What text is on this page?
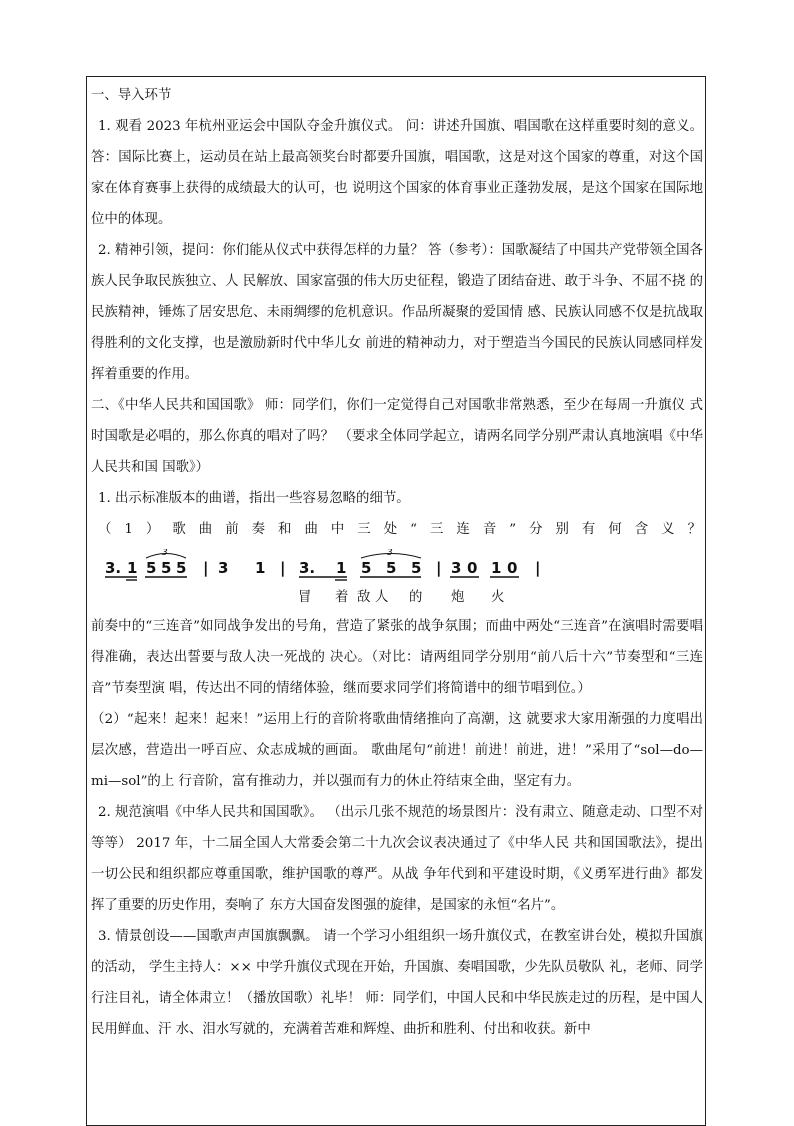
一、导入环节

1. 观看 2023 年杭州亚运会中国队夺金升旗仪式。 问：讲述升国旗、唱国歌在这样重要时刻的意义。 答：国际比赛上，运动员在站上最高领奖台时都要升国旗，唱国歌，这是对这个国家的尊重，对这个国家在体育赛事上获得的成绩最大的认可，也 说明这个国家的体育事业正蓬勃发展，是这个国家在国际地位中的体现。

2. 精神引领，提问：你们能从仪式中获得怎样的力量？ 答（参考）：国歌凝结了中国共产党带领全国各族人民争取民族独立、人 民解放、国家富强的伟大历史征程，锻造了团结奋进、敢于斗争、不屈不挠 的民族精神，锤炼了居安思危、未雨绸缪的危机意识。作品所凝聚的爱国情 感、民族认同感不仅是抗战取得胜利的文化支撑，也是激励新时代中华儿女 前进的精神动力，对于塑造当今国民的民族认同感同样发挥着重要的作用。

二、《中华人民共和国国歌》 师：同学们，你们一定觉得自己对国歌非常熟悉，至少在每周一升旗仪 式时国歌是必唱的，那么你真的唱对了吗？ （要求全体同学起立，请两名同学分别严肃认真地演唱《中华人民共和国 国歌》）

1. 出示标准版本的曲谱，指出一些容易忽略的细节。

（1）歌曲前奏和曲中三处“三连音”分别有何含义？

3. 1 5 5 5 | 3 1 | 3. 1 5 5 5 | 3 0 1 0 |
3	3
冒 着 敌 人 的 炮 火

前奏中的“三连音”如同战争发出的号角，营造了紧张的战争氛围；而曲中两处“三连音”在演唱时需要唱得准确，表达出誓要与敌人决一死战的 决心。（对比：请两组同学分别用“前八后十六”节奏型和“三连音”节奏型演 唱，传达出不同的情绪体验，继而要求同学们将简谱中的细节唱到位。）

（2）“起来！起来！起来！”运用上行的音阶将歌曲情绪推向了高潮，这 就要求大家用渐强的力度唱出层次感，营造出一呼百应、众志成城的画面。 歌曲尾句“前进！前进！前进，进！”采用了“sol—do—mi—sol”的上 行音阶，富有推动力，并以强而有力的休止符结束全曲，坚定有力。

2. 规范演唱《中华人民共和国国歌》。 （出示几张不规范的场景图片：没有肃立、随意走动、口型不对等等） 2017 年，十二届全国人大常委会第二十九次会议表决通过了《中华人民 共和国国歌法》，提出一切公民和组织都应尊重国歌，维护国歌的尊严。从战 争年代到和平建设时期，《义勇军进行曲》都发挥了重要的历史作用，奏响了 东方大国奋发图强的旋律，是国家的永恒“名片”。

3. 情景创设——国歌声声国旗飘飘。 请一个学习小组组织一场升旗仪式，在教室讲台处，模拟升国旗的活动， 学生主持人：×× 中学升旗仪式现在开始，升国旗、奏唱国歌，少先队员敬队 礼，老师、同学行注目礼，请全体肃立！（播放国歌）礼毕！ 师：同学们，中国人民和中华民族走过的历程，是中国人民用鲜血、汗 水、泪水写就的，充满着苦难和辉煌、曲折和胜利、付出和收获。新中
